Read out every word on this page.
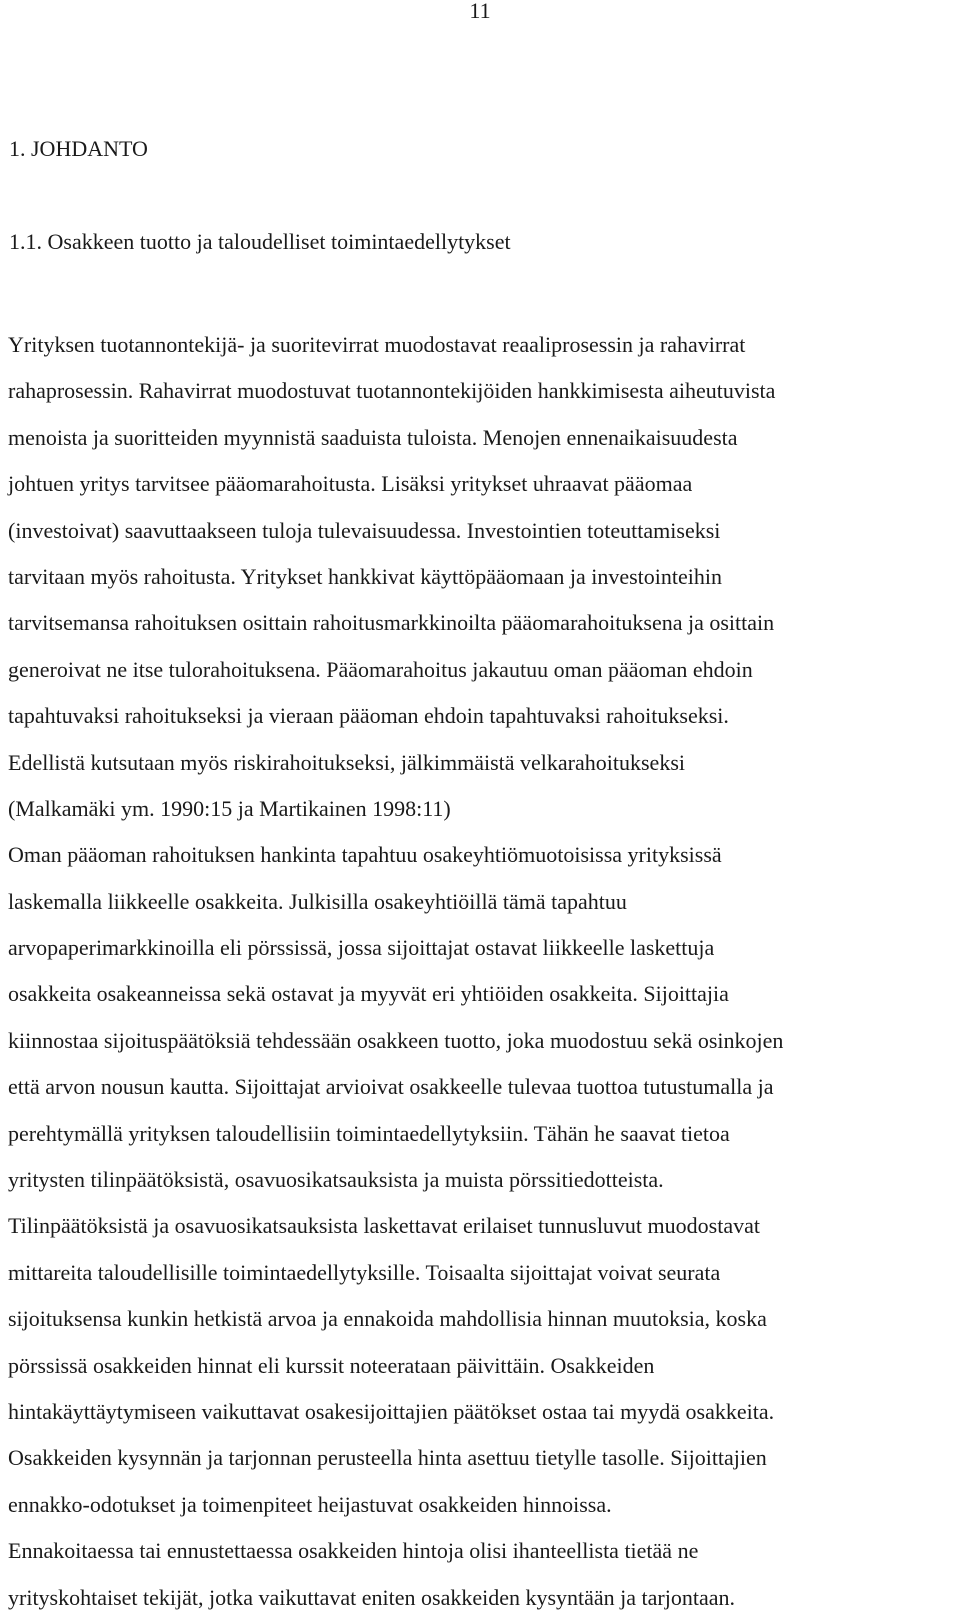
11
1. JOHDANTO
1.1. Osakkeen tuotto ja taloudelliset toimintaedellytykset
Yrityksen tuotannontekijä- ja suoritevirrat muodostavat reaaliprosessin ja rahavirrat
rahaprosessin. Rahavirrat muodostuvat tuotannontekijöiden hankkimisesta aiheutuvista
menoista ja suoritteiden myynnistä saaduista tuloista. Menojen ennenaikaisuudesta
johtuen yritys tarvitsee pääomarahoitusta. Lisäksi yritykset uhraavat pääomaa
(investoivat) saavuttaakseen tuloja tulevaisuudessa. Investointien toteuttamiseksi
tarvitaan myös rahoitusta. Yritykset hankkivat käyttöpääomaan ja investointeihin
tarvitsemansa rahoituksen osittain rahoitusmarkkinoilta pääomarahoituksena ja osittain
generoivat ne itse tulorahoituksena. Pääomarahoitus jakautuu oman pääoman ehdoin
tapahtuvaksi rahoitukseksi ja vieraan pääoman ehdoin tapahtuvaksi rahoitukseksi.
Edellistä kutsutaan myös riskirahoitukseksi, jälkimmäistä velkarahoitukseksi
(Malkamäki ym. 1990:15 ja Martikainen 1998:11)
Oman pääoman rahoituksen hankinta tapahtuu osakeyhtiömuotoisissa yrityksissä
laskemalla liikkeelle osakkeita. Julkisilla osakeyhtiöillä tämä tapahtuu
arvopaperimarkkinoilla eli pörssissä, jossa sijoittajat ostavat liikkeelle laskettuja
osakkeita osakeanneissa sekä ostavat ja myyvät eri yhtiöiden osakkeita. Sijoittajia
kiinnostaa sijoituspäätöksiä tehdessään osakkeen tuotto, joka muodostuu sekä osinkojen
että arvon nousun kautta. Sijoittajat arvioivat osakkeelle tulevaa tuottoa tutustumalla ja
perehtymällä yrityksen taloudellisiin toimintaedellytyksiin. Tähän he saavat tietoa
yritysten tilinpäätöksistä, osavuosikatsauksista ja muista pörssitiedotteista.
Tilinpäätöksistä ja osavuosikatsauksista laskettavat erilaiset tunnusluvut muodostavat
mittareita taloudellisille toimintaedellytyksille. Toisaalta sijoittajat voivat seurata
sijoituksensa kunkin hetkistä arvoa ja ennakoida mahdollisia hinnan muutoksia, koska
pörssissä osakkeiden hinnat eli kurssit noteerataan päivittäin. Osakkeiden
hintakäyttäytymiseen vaikuttavat osakesijoittajien päätökset ostaa tai myydä osakkeita.
Osakkeiden kysynnän ja tarjonnan perusteella hinta asettuu tietylle tasolle. Sijoittajien
ennakko-odotukset ja toimenpiteet heijastuvat osakkeiden hinnoissa.
Ennakoitaessa tai ennustettaessa osakkeiden hintoja olisi ihanteellista tietää ne
yrityskohtaiset tekijät, jotka vaikuttavat eniten osakkeiden kysyntään ja tarjontaan.
